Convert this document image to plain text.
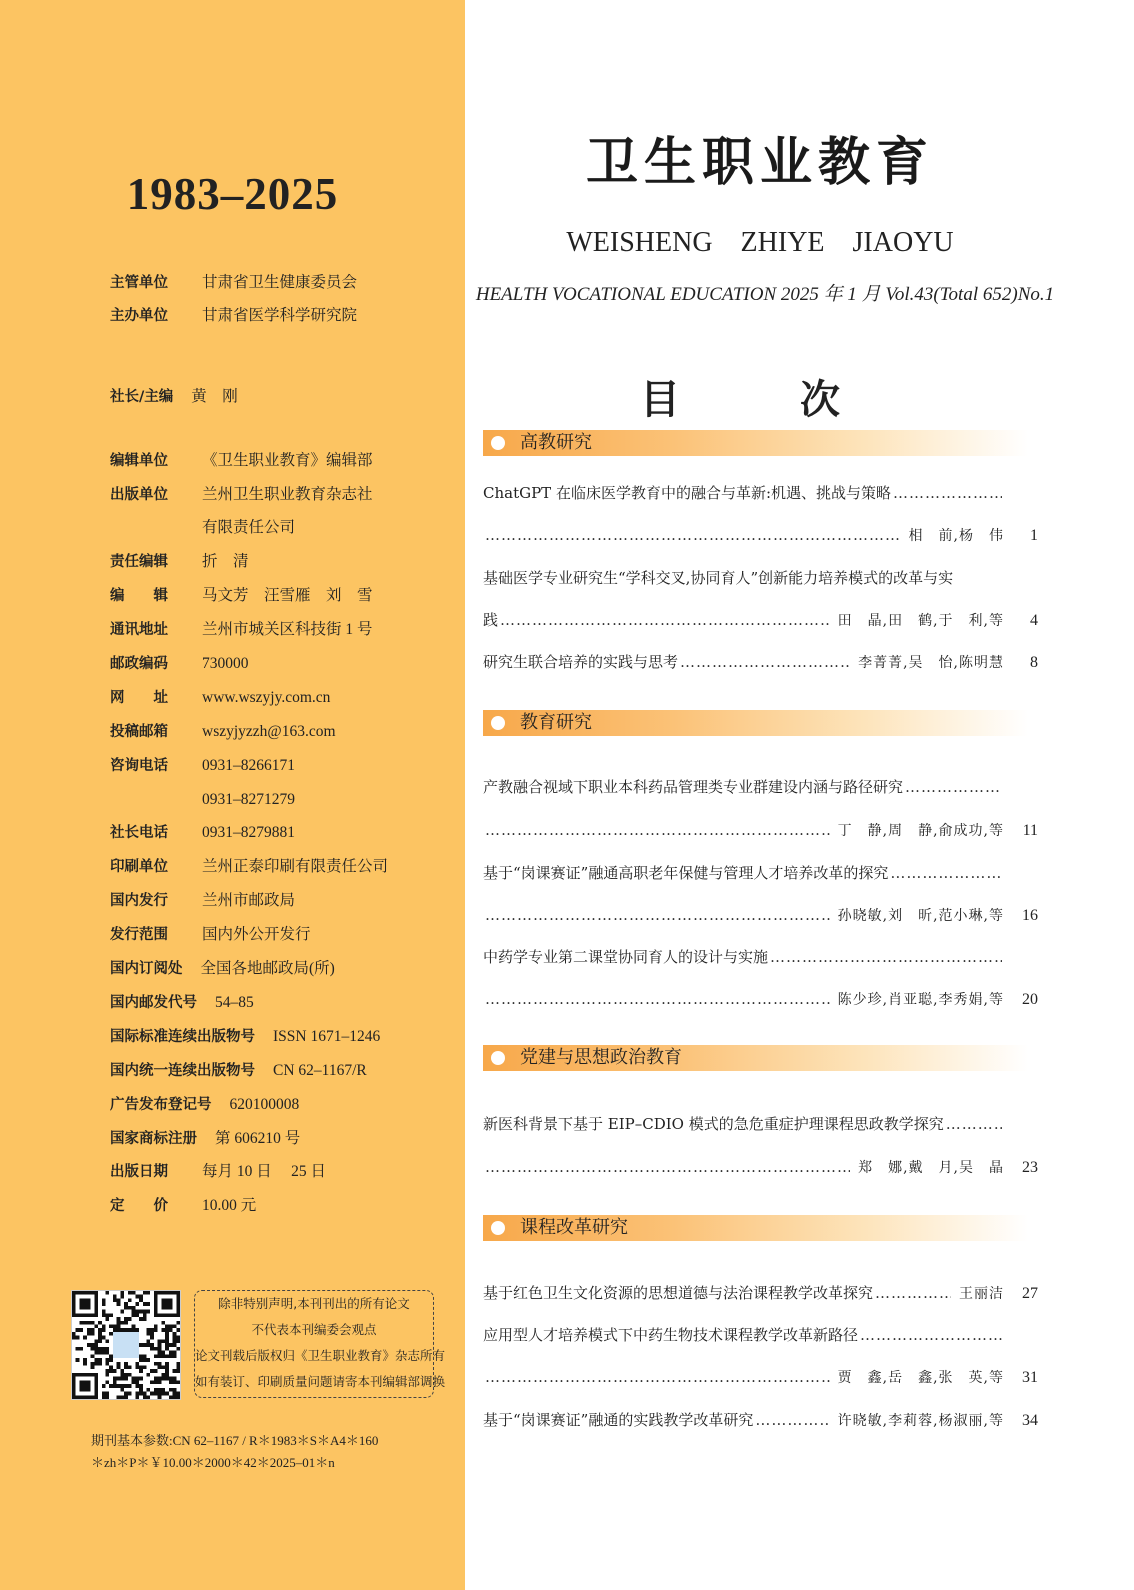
1983–2025
主管单位 甘肃省卫生健康委员会
主办单位 甘肃省医学科学研究院
社长/主编 黄　刚
编辑单位 《卫生职业教育》编辑部
出版单位 兰州卫生职业教育杂志社
有限责任公司
责任编辑 折　清
编　　辑 马文芳　汪雪雁　刘　雪
通讯地址 兰州市城关区科技街 1 号
邮政编码 730000
网　　址 www.wszyjy.com.cn
投稿邮箱 wszyjyzzh@163.com
咨询电话 0931–8266171
0931–8271279
社长电话 0931–8279881
印刷单位 兰州正泰印刷有限责任公司
国内发行 兰州市邮政局
发行范围 国内外公开发行
国内订阅处 全国各地邮政局(所)
国内邮发代号 54–85
国际标准连续出版物号 ISSN 1671–1246
国内统一连续出版物号 CN 62–1167/R
广告发布登记号 620100008
国家商标注册 第 606210 号
出版日期 每月 10 日　 25 日
定　　价 10.00 元
除非特别声明,本刊刊出的所有论文
不代表本刊编委会观点
论文刊载后版权归《卫生职业教育》杂志所有
如有装订、印刷质量问题请寄本刊编辑部调换
期刊基本参数:CN 62–1167 / R＊1983＊S＊A4＊160
＊zh＊P＊￥10.00＊2000＊42＊2025–01＊n
卫生职业教育
WEISHENG　ZHIYE　JIAOYU
HEALTH VOCATIONAL EDUCATION 2025 年 1 月 Vol.43(Total 652)No.1
目　次
高教研究
ChatGPT 在临床医学教育中的融合与革新:机遇、挑战与策略
……………………………………………………………………………………………………………………………………
……………………………………………………………………………………………………………………………………
相　前,杨　伟	1
基础医学专业研究生“学科交叉,协同育人”创新能力培养模式的改革与实
践 ……………………………………………………………………………………………………………………………………	田　晶,田　鹤,于　利,等	4
研究生联合培养的实践与思考 ……………………………………………………………………………………………………………………………………	李菁菁,吴　怡,陈明慧	8
教育研究
产教融合视域下职业本科药品管理类专业群建设内涵与路径研究
……………………………………………………………………………………………………………………………………
……………………………………………………………………………………………………………………………………
丁　静,周　静,俞成功,等	11
基于“岗课赛证”融通高职老年保健与管理人才培养改革的探究
……………………………………………………………………………………………………………………………………
……………………………………………………………………………………………………………………………………
孙晓敏,刘　昕,范小琳,等	16
中药学专业第二课堂协同育人的设计与实施
……………………………………………………………………………………………………………………………………
……………………………………………………………………………………………………………………………………
陈少珍,肖亚聪,李秀娟,等	20
党建与思想政治教育
新医科背景下基于 EIP–CDIO 模式的急危重症护理课程思政教学探究
……………………………………………………………………………………………………………………………………
……………………………………………………………………………………………………………………………………
郑　娜,戴　月,吴　晶	23
课程改革研究
基于红色卫生文化资源的思想道德与法治课程教学改革探究 ……………………………………………………………………………………………………………………………………	王丽洁	27
应用型人才培养模式下中药生物技术课程教学改革新路径
……………………………………………………………………………………………………………………………………
……………………………………………………………………………………………………………………………………
贾　鑫,岳　鑫,张　英,等	31
基于“岗课赛证”融通的实践教学改革研究 ……………………………………………………………………………………………………………………………………	许晓敏,李莉蓉,杨淑丽,等	34
